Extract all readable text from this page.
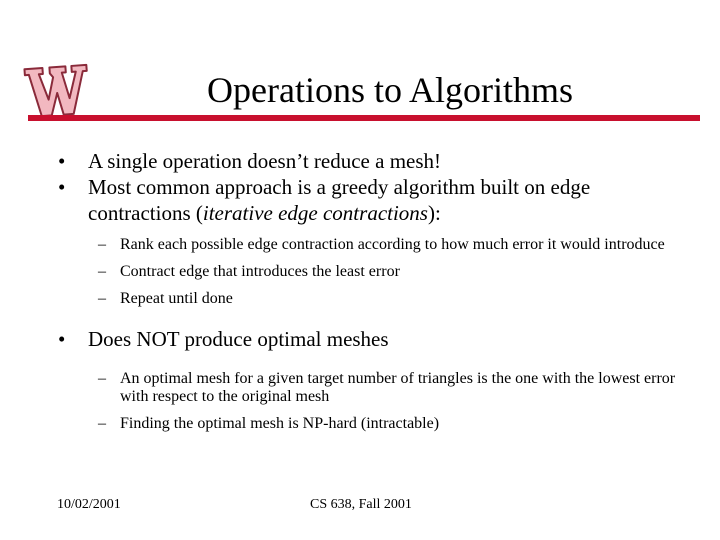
Operations to Algorithms

• A single operation doesn’t reduce a mesh!

• Most common approach is a greedy algorithm built on edge contractions (iterative edge contractions):

– Rank each possible edge contraction according to how much error it would introduce

– Contract edge that introduces the least error

– Repeat until done

• Does NOT produce optimal meshes

– An optimal mesh for a given target number of triangles is the one with the lowest error with respect to the original mesh

– Finding the optimal mesh is NP-hard (intractable)

10/02/2001	CS 638, Fall 2001
